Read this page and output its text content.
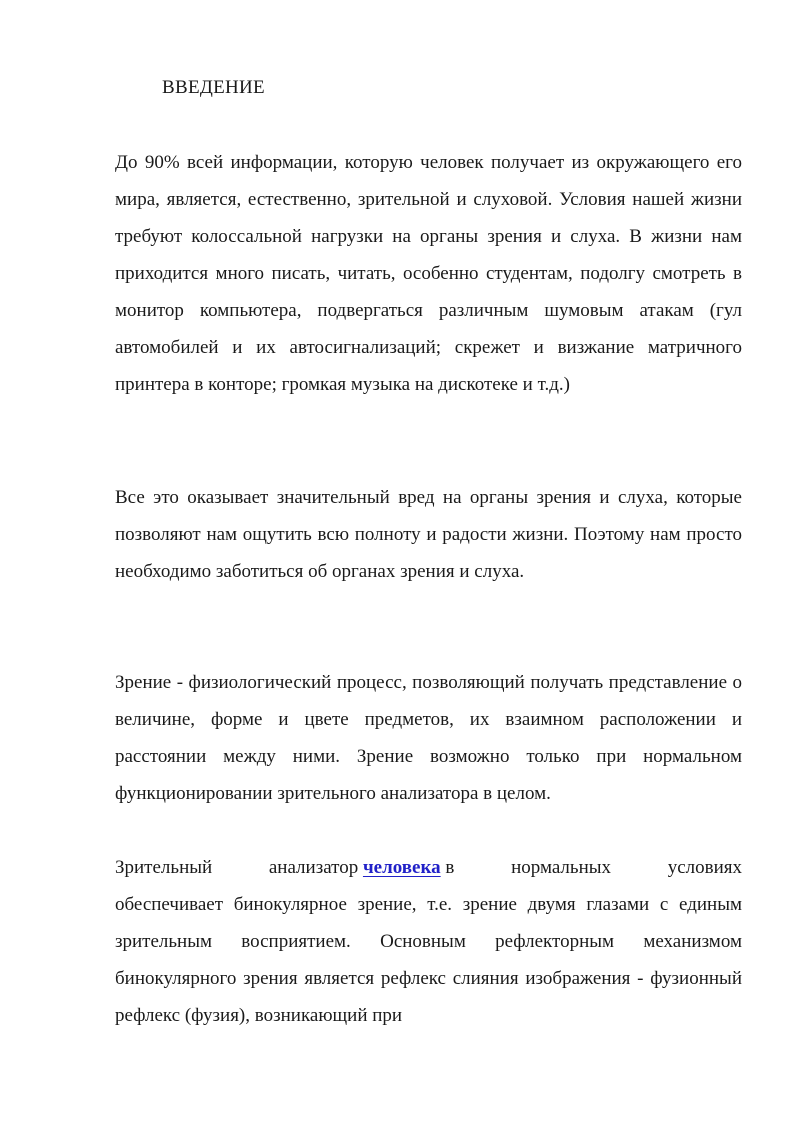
ВВЕДЕНИЕ

До 90% всей информации, которую человек получает из окружающего его мира, является, естественно, зрительной и слуховой. Условия нашей жизни требуют колоссальной нагрузки на органы зрения и слуха. В жизни нам приходится много писать, читать, особенно студентам, подолгу смотреть в монитор компьютера, подвергаться различным шумовым атакам (гул автомобилей и их автосигнализаций; скрежет и визжание матричного принтера в конторе; громкая музыка на дискотеке и т.д.)

Все это оказывает значительный вред на органы зрения и слуха, которые позволяют нам ощутить всю полноту и радости жизни. Поэтому нам просто необходимо заботиться об органах зрения и слуха.

Зрение - физиологический процесс, позволяющий получать представление о величине, форме и цвете предметов, их взаимном расположении и расстоянии между ними. Зрение возможно только при нормальном функционировании зрительного анализатора в целом.

Зрительный	анализатор человека в	нормальных	условиях
обеспечивает бинокулярное зрение, т.е. зрение двумя глазами с единым зрительным восприятием. Основным рефлекторным механизмом бинокулярного зрения является рефлекс слияния изображения - фузионный рефлекс (фузия), возникающий при
